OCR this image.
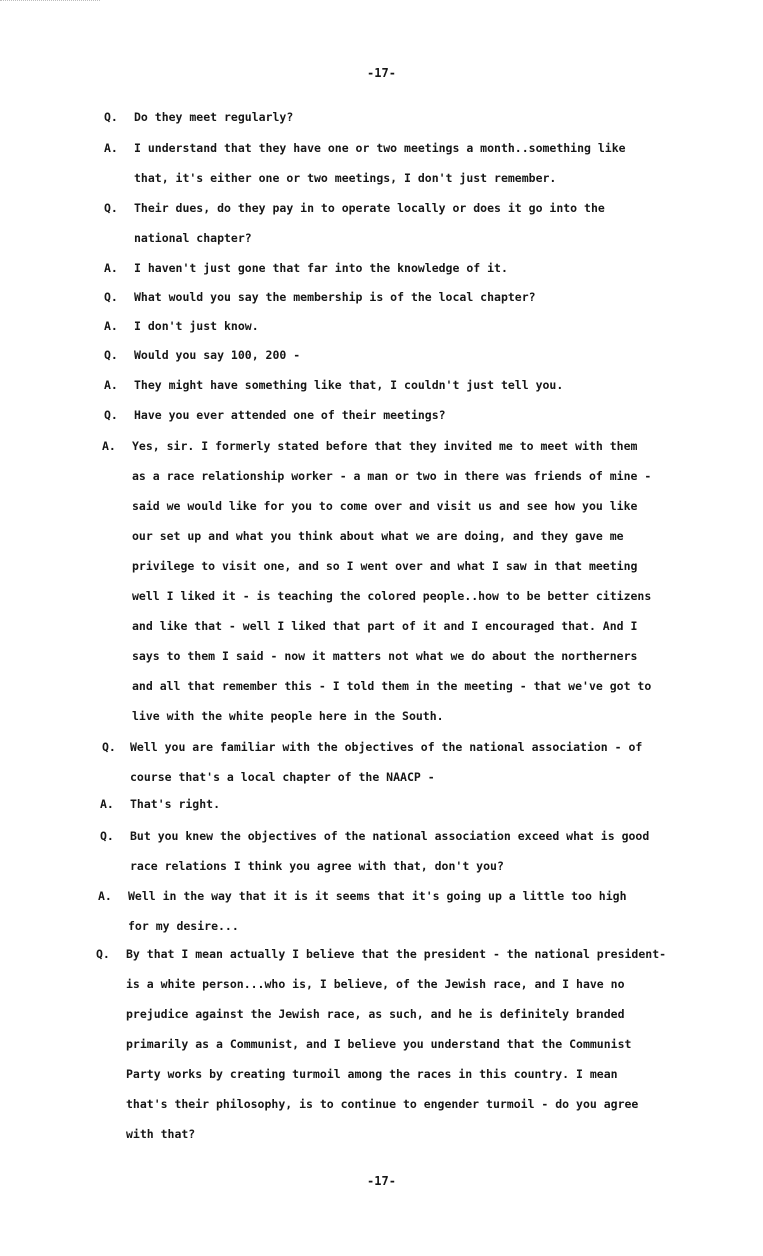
-17-
Q. Do they meet regularly?
A. I understand that they have one or two meetings a month..something like
that, it's either one or two meetings, I don't just remember.
Q. Their dues, do they pay in to operate locally or does it go into the
national chapter?
A. I haven't just gone that far into the knowledge of it.
Q. What would you say the membership is of the local chapter?
A. I don't just know.
Q. Would you say 100, 200 -
A. They might have something like that, I couldn't just tell you.
Q. Have you ever attended one of their meetings?
A. Yes, sir. I formerly stated before that they invited me to meet with them
as a race relationship worker - a man or two in there was friends of mine -
said we would like for you to come over and visit us and see how you like
our set up and what you think about what we are doing, and they gave me
privilege to visit one, and so I went over and what I saw in that meeting
well I liked it - is teaching the colored people..how to be better citizens
and like that - well I liked that part of it and I encouraged that. And I
says to them I said - now it matters not what we do about the northerners
and all that remember this - I told them in the meeting - that we've got to
live with the white people here in the South.
Q. Well you are familiar with the objectives of the national association - of
course that's a local chapter of the NAACP -
A. That's right.
Q. But you knew the objectives of the national association exceed what is good
race relations I think you agree with that, don't you?
A. Well in the way that it is it seems that it's going up a little too high
for my desire...
Q. By that I mean actually I believe that the president - the national president-
is a white person...who is, I believe, of the Jewish race, and I have no
prejudice against the Jewish race, as such, and he is definitely branded
primarily as a Communist, and I believe you understand that the Communist
Party works by creating turmoil among the races in this country. I mean
that's their philosophy, is to continue to engender turmoil - do you agree
with that?
-17-
